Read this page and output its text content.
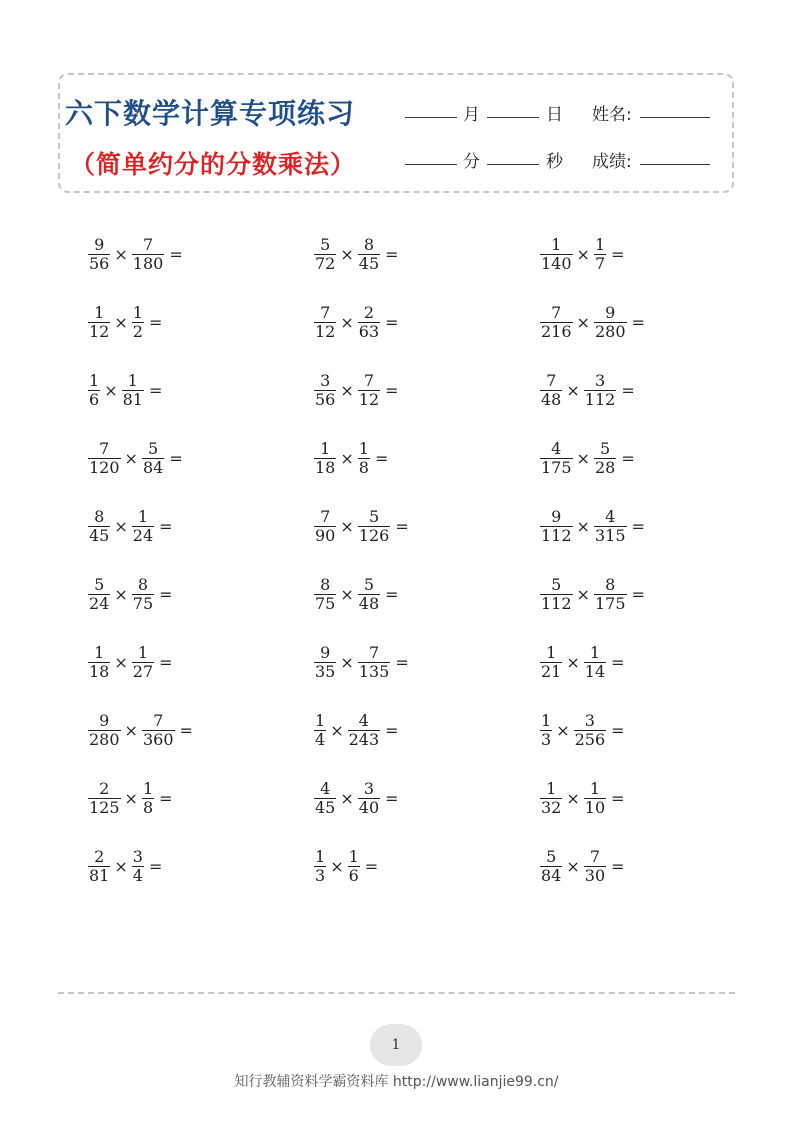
六下数学计算专项练习
（简单约分的分数乘法）
月	日 姓名:
分	秒 成绩:
$\frac{9}{56} \times \frac{7}{180}$ =	$\frac{5}{72} \times \frac{8}{45}$ =	$\frac{1}{140} \times \frac{1}{7}$ =
$\frac{1}{12} \times \frac{1}{2}$ =	$\frac{7}{12} \times \frac{2}{63}$ =	$\frac{7}{216} \times \frac{9}{280}$ =
$\frac{1}{6} \times \frac{1}{81}$ =	$\frac{3}{56} \times \frac{7}{12}$ =	$\frac{7}{48} \times \frac{3}{112}$ =
$\frac{7}{120} \times \frac{5}{84}$ =	$\frac{1}{18} \times \frac{1}{8}$ =	$\frac{4}{175} \times \frac{5}{28}$ =
$\frac{8}{45} \times \frac{1}{24}$ =	$\frac{7}{90} \times \frac{5}{126}$ =	$\frac{9}{112} \times \frac{4}{315}$ =
$\frac{5}{24} \times \frac{8}{75}$ =	$\frac{8}{75} \times \frac{5}{48}$ =	$\frac{5}{112} \times \frac{8}{175}$ =
$\frac{1}{18} \times \frac{1}{27}$ =	$\frac{9}{35} \times \frac{7}{135}$ =	$\frac{1}{21} \times \frac{1}{14}$ =
$\frac{9}{280} \times \frac{7}{360}$ =	$\frac{1}{4} \times \frac{4}{243}$ =	$\frac{1}{3} \times \frac{3}{256}$ =
$\frac{2}{125} \times \frac{1}{8}$ =	$\frac{4}{45} \times \frac{3}{40}$ =	$\frac{1}{32} \times \frac{1}{10}$ =
$\frac{2}{81} \times \frac{3}{4}$ =	$\frac{1}{3} \times \frac{1}{6}$ =	$\frac{5}{84} \times \frac{7}{30}$ =
1
知行教辅资料学霸资料库 http://www.lianjie99.cn/
